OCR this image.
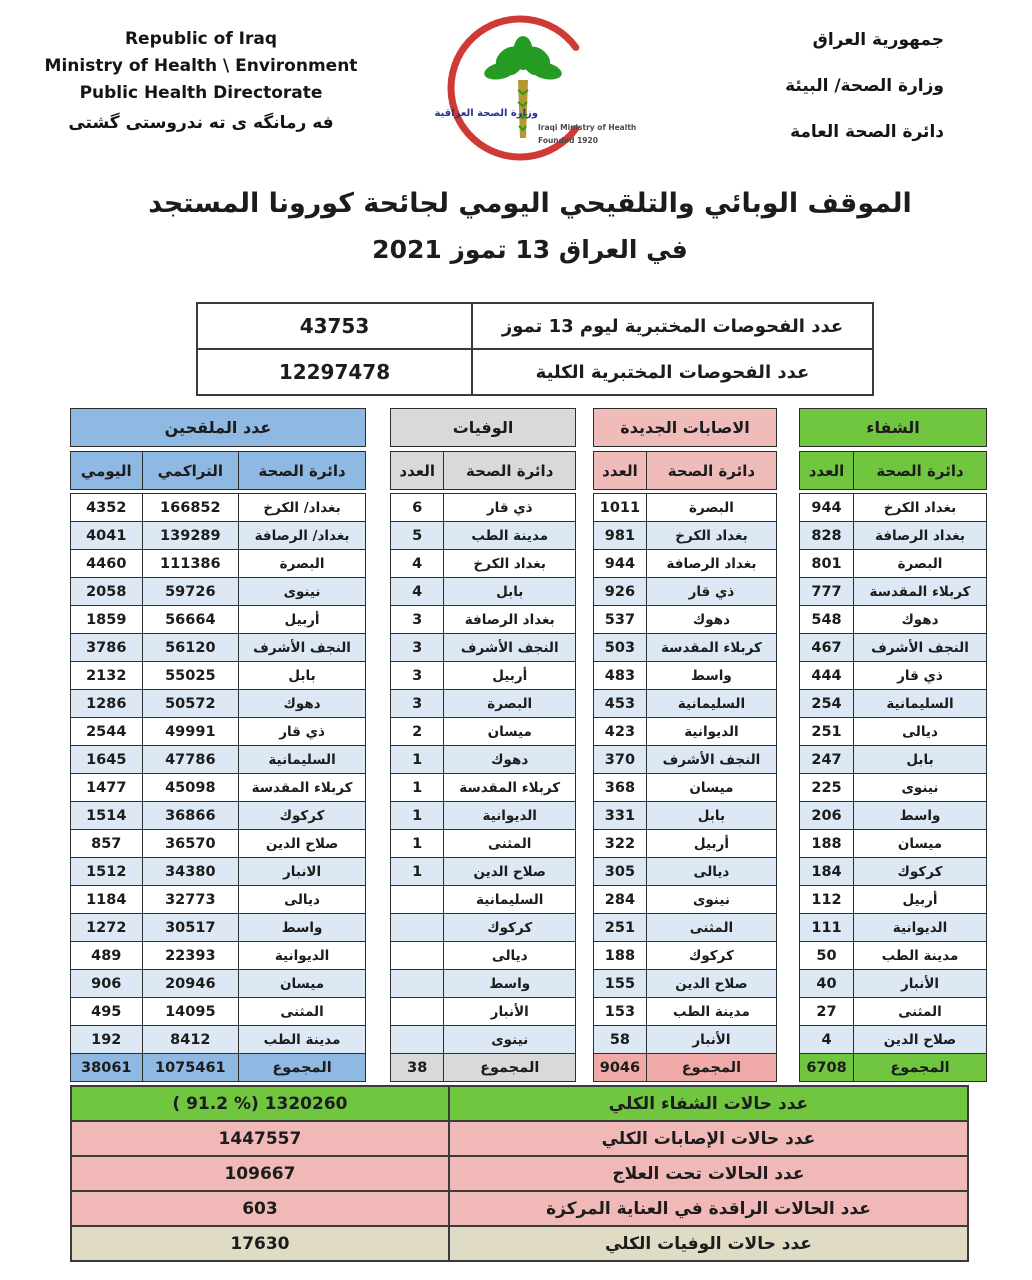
Republic of Iraq
Ministry of Health \ Environment
Public Health Directorate
فه رمانگه ی ته ندروستی گشتی	وزارة الصحة العراقية
Iraqi Ministry of Health
Founded 1920
جمهورية العراق
وزارة الصحة/ البيئة
دائرة الصحة العامة
الموقف الوبائي والتلقيحي اليومي لجائحة كورونا المستجد
في العراق 13 تموز 2021
43753	عدد الفحوصات المختبرية ليوم 13 تموز
12297478	عدد الفحوصات المختبرية الكلية
عدد الملقحين
اليومي	التراكمي	دائرة الصحة
4352	166852	بغداد/ الكرخ
4041	139289	بغداد/ الرصافة
4460	111386	البصرة
2058	59726	نينوى
1859	56664	أربيل
3786	56120	النجف الأشرف
2132	55025	بابل
1286	50572	دهوك
2544	49991	ذي قار
1645	47786	السليمانية
1477	45098	كربلاء المقدسة
1514	36866	كركوك
857	36570	صلاح الدين
1512	34380	الانبار
1184	32773	ديالى
1272	30517	واسط
489	22393	الديوانية
906	20946	ميسان
495	14095	المثنى
192	8412	مدينة الطب
38061	1075461	المجموع
الوفيات
العدد	دائرة الصحة
6	ذي قار
5	مدينة الطب
4	بغداد الكرخ
4	بابل
3	بغداد الرصافة
3	النجف الأشرف
3	أربيل
3	البصرة
2	ميسان
1	دهوك
1	كربلاء المقدسة
1	الديوانية
1	المثنى
1	صلاح الدين
السليمانية
كركوك
ديالى
واسط
الأنبار
نينوى
38	المجموع
الاصابات الجديدة
العدد	دائرة الصحة
1011	البصرة
981	بغداد الكرخ
944	بغداد الرصافة
926	ذي قار
537	دهوك
503	كربلاء المقدسة
483	واسط
453	السليمانية
423	الديوانية
370	النجف الأشرف
368	ميسان
331	بابل
322	أربيل
305	ديالى
284	نينوى
251	المثنى
188	كركوك
155	صلاح الدين
153	مدينة الطب
58	الأنبار
9046	المجموع
الشفاء
العدد	دائرة الصحة
944	بغداد الكرخ
828	بغداد الرصافة
801	البصرة
777	كربلاء المقدسة
548	دهوك
467	النجف الأشرف
444	ذي قار
254	السليمانية
251	ديالى
247	بابل
225	نينوى
206	واسط
188	ميسان
184	كركوك
112	أربيل
111	الديوانية
50	مدينة الطب
40	الأنبار
27	المثنى
4	صلاح الدين
6708	المجموع
( 91.2 %) 1320260	عدد حالات الشفاء الكلي
1447557	عدد حالات الإصابات الكلي
109667	عدد الحالات تحت العلاج
603	عدد الحالات الراقدة في العناية المركزة
17630	عدد حالات الوفيات الكلي
